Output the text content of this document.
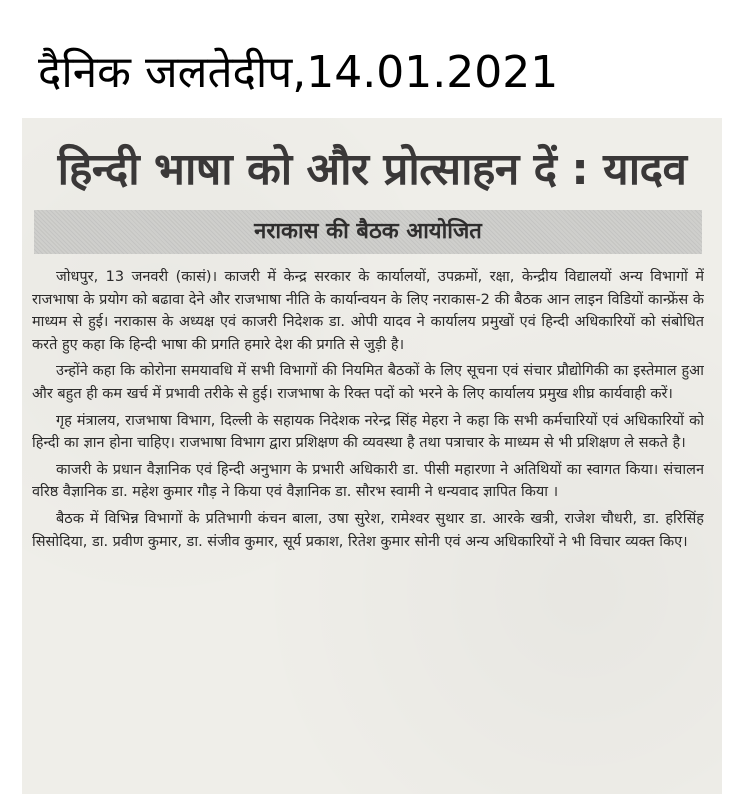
दैनिक जलतेदीप,14.01.2021
हिन्दी भाषा को और प्रोत्साहन दें : यादव
नराकास की बैठक आयोजित

जोधपुर, 13 जनवरी (कासं)। काजरी में केन्द्र सरकार के कार्यालयों, उपक्रमों, रक्षा, केन्द्रीय विद्यालयों अन्य विभागों में राजभाषा के प्रयोग को बढावा देने और राजभाषा नीति के कार्यान्वयन के लिए नराकास-2 की बैठक आन लाइन विडियों कान्फ्रेंस के माध्यम से हुई। नराकास के अध्यक्ष एवं काजरी निदेशक डा. ओपी यादव ने कार्यालय प्रमुखों एवं हिन्दी अधिकारियों को संबोधित करते हुए कहा कि हिन्दी भाषा की प्रगति हमारे देश की प्रगति से जुड़ी है।

उन्होंने कहा कि कोरोना समयावधि में सभी विभागों की नियमित बैठकों के लिए सूचना एवं संचार प्रौद्योगिकी का इस्तेमाल हुआ और बहुत ही कम खर्च में प्रभावी तरीके से हुई। राजभाषा के रिक्त पदों को भरने के लिए कार्यालय प्रमुख शीघ्र कार्यवाही करें।

गृह मंत्रालय, राजभाषा विभाग, दिल्ली के सहायक निदेशक नरेन्द्र सिंह मेहरा ने कहा कि सभी कर्मचारियों एवं अधिकारियों को हिन्दी का ज्ञान होना चाहिए। राजभाषा विभाग द्वारा प्रशिक्षण की व्यवस्था है तथा पत्राचार के माध्यम से भी प्रशिक्षण ले सकते है।

काजरी के प्रधान वैज्ञानिक एवं हिन्दी अनुभाग के प्रभारी अधिकारी डा. पीसी महारणा ने अतिथियों का स्वागत किया। संचालन वरिष्ठ वैज्ञानिक डा. महेश कुमार गौड़ ने किया एवं वैज्ञानिक डा. सौरभ स्वामी ने धन्यवाद ज्ञापित किया ।

बैठक में विभिन्न विभागों के प्रतिभागी कंचन बाला, उषा सुरेश, रामेश्वर सुथार डा. आरके खत्री, राजेश चौधरी, डा. हरिसिंह सिसोदिया, डा. प्रवीण कुमार, डा. संजीव कुमार, सूर्य प्रकाश, रितेश कुमार सोनी एवं अन्य अधिकारियों ने भी विचार व्यक्त किए।
